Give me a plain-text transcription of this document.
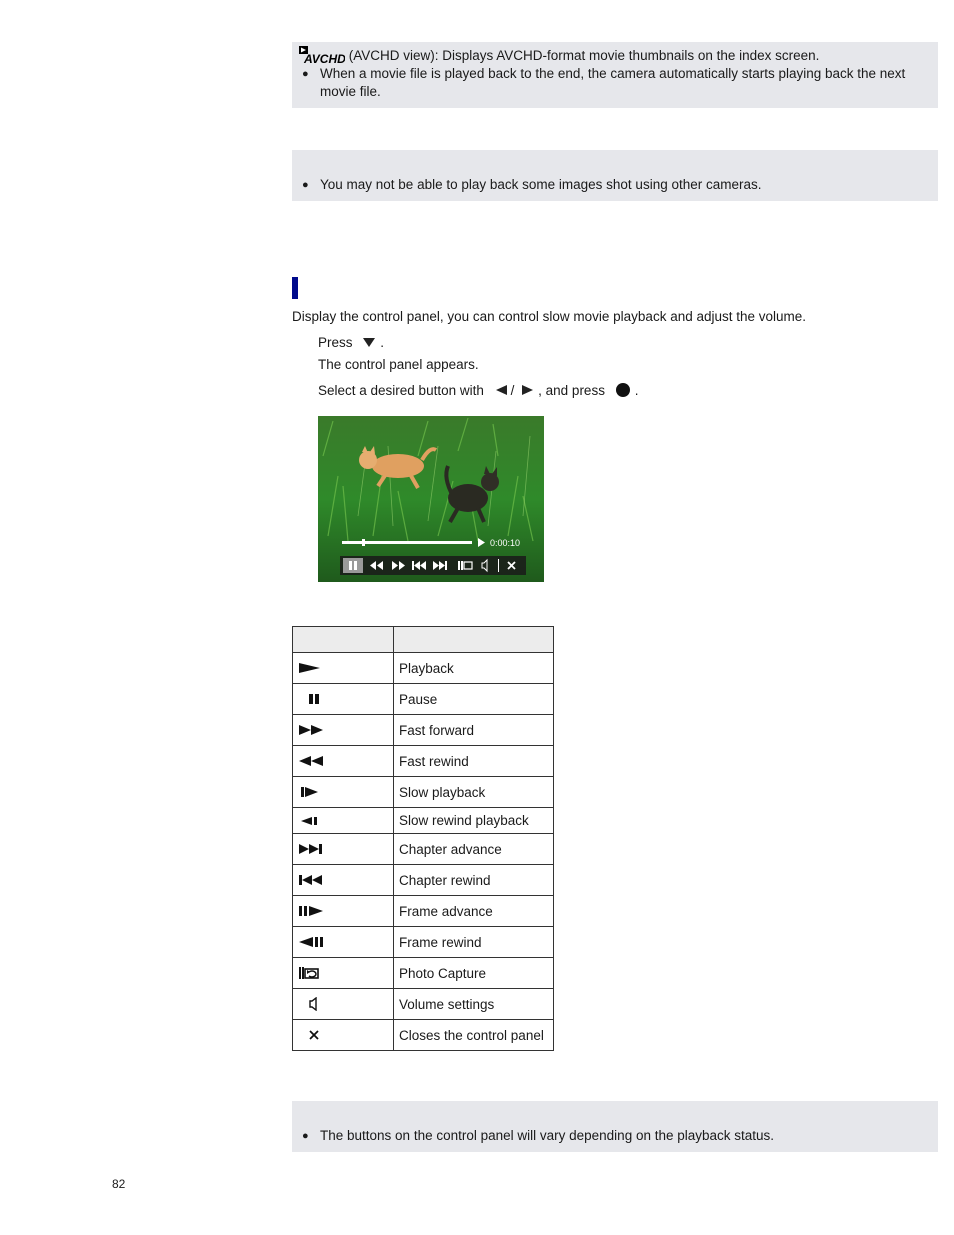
AVCHD (AVCHD view): Displays AVCHD-format movie thumbnails on the index screen.
● When a movie file is played back to the end, the camera automatically starts playing back the next
movie file.
● You may not be able to play back some images shot using other cameras.
Display the control panel, you can control slow movie playback and adjust the volume.
Press .
The control panel appears.
Select a desired button with / , and press .
0:00:10

	Playback

	Pause

	Fast forward

	Fast rewind

	Slow playback

	Slow rewind playback

	Chapter advance

	Chapter rewind

	Frame advance

	Frame rewind

	Photo Capture

	Volume settings

	Closes the control panel
● The buttons on the control panel will vary depending on the playback status.
82
